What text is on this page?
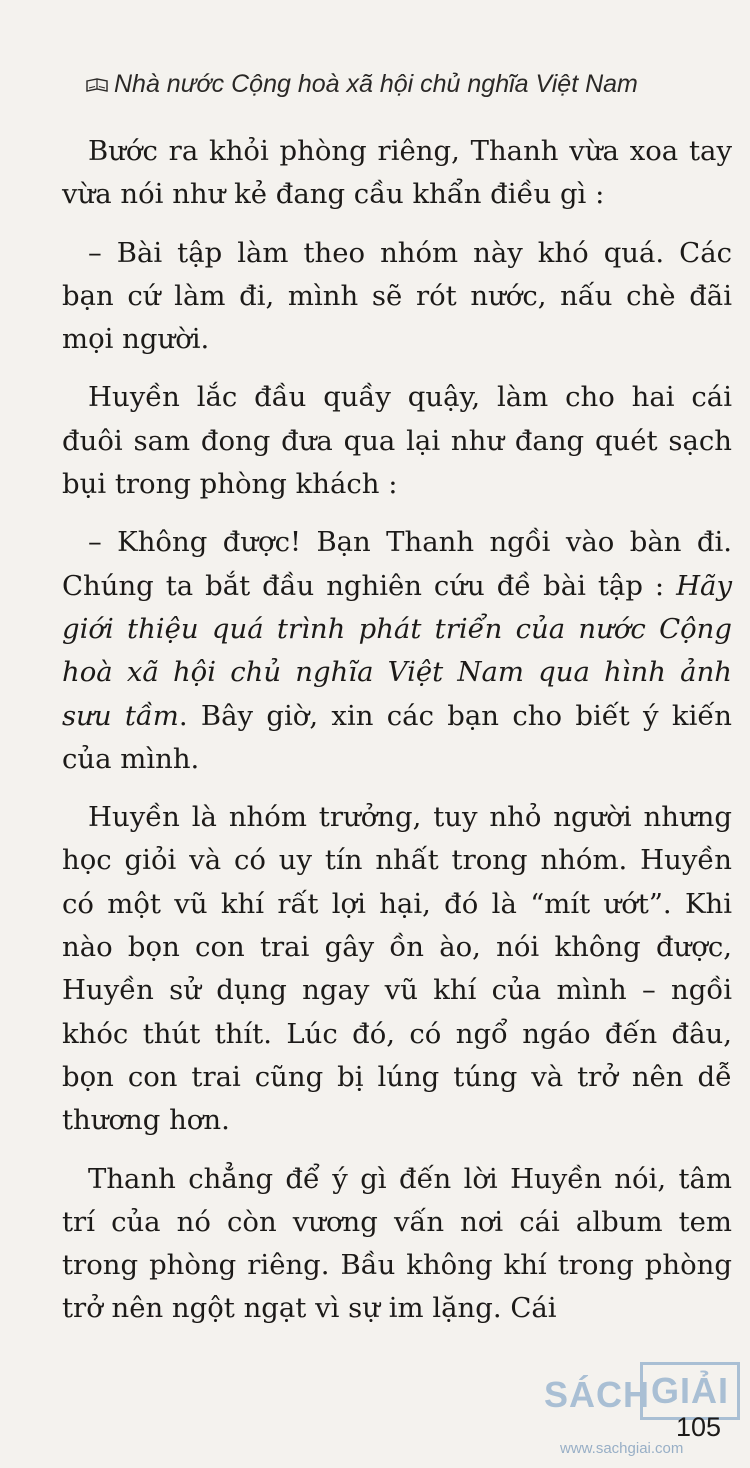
Nhà nước Cộng hoà xã hội chủ nghĩa Việt Nam

Bước ra khỏi phòng riêng, Thanh vừa xoa tay vừa nói như kẻ đang cầu khẩn điều gì :

– Bài tập làm theo nhóm này khó quá. Các bạn cứ làm đi, mình sẽ rót nước, nấu chè đãi mọi người.

Huyền lắc đầu quầy quậy, làm cho hai cái đuôi sam đong đưa qua lại như đang quét sạch bụi trong phòng khách :

– Không được! Bạn Thanh ngồi vào bàn đi. Chúng ta bắt đầu nghiên cứu đề bài tập : Hãy giới thiệu quá trình phát triển của nước Cộng hoà xã hội chủ nghĩa Việt Nam qua hình ảnh sưu tầm. Bây giờ, xin các bạn cho biết ý kiến của mình.

Huyền là nhóm trưởng, tuy nhỏ người nhưng học giỏi và có uy tín nhất trong nhóm. Huyền có một vũ khí rất lợi hại, đó là “mít ướt”. Khi nào bọn con trai gây ồn ào, nói không được, Huyền sử dụng ngay vũ khí của mình – ngồi khóc thút thít. Lúc đó, có ngổ ngáo đến đâu, bọn con trai cũng bị lúng túng và trở nên dễ thương hơn.

Thanh chẳng để ý gì đến lời Huyền nói, tâm trí của nó còn vương vấn nơi cái album tem trong phòng riêng. Bầu không khí trong phòng trở nên ngột ngạt vì sự im lặng. Cái

SÁCH GIẢI
105
www.sachgiai.com
